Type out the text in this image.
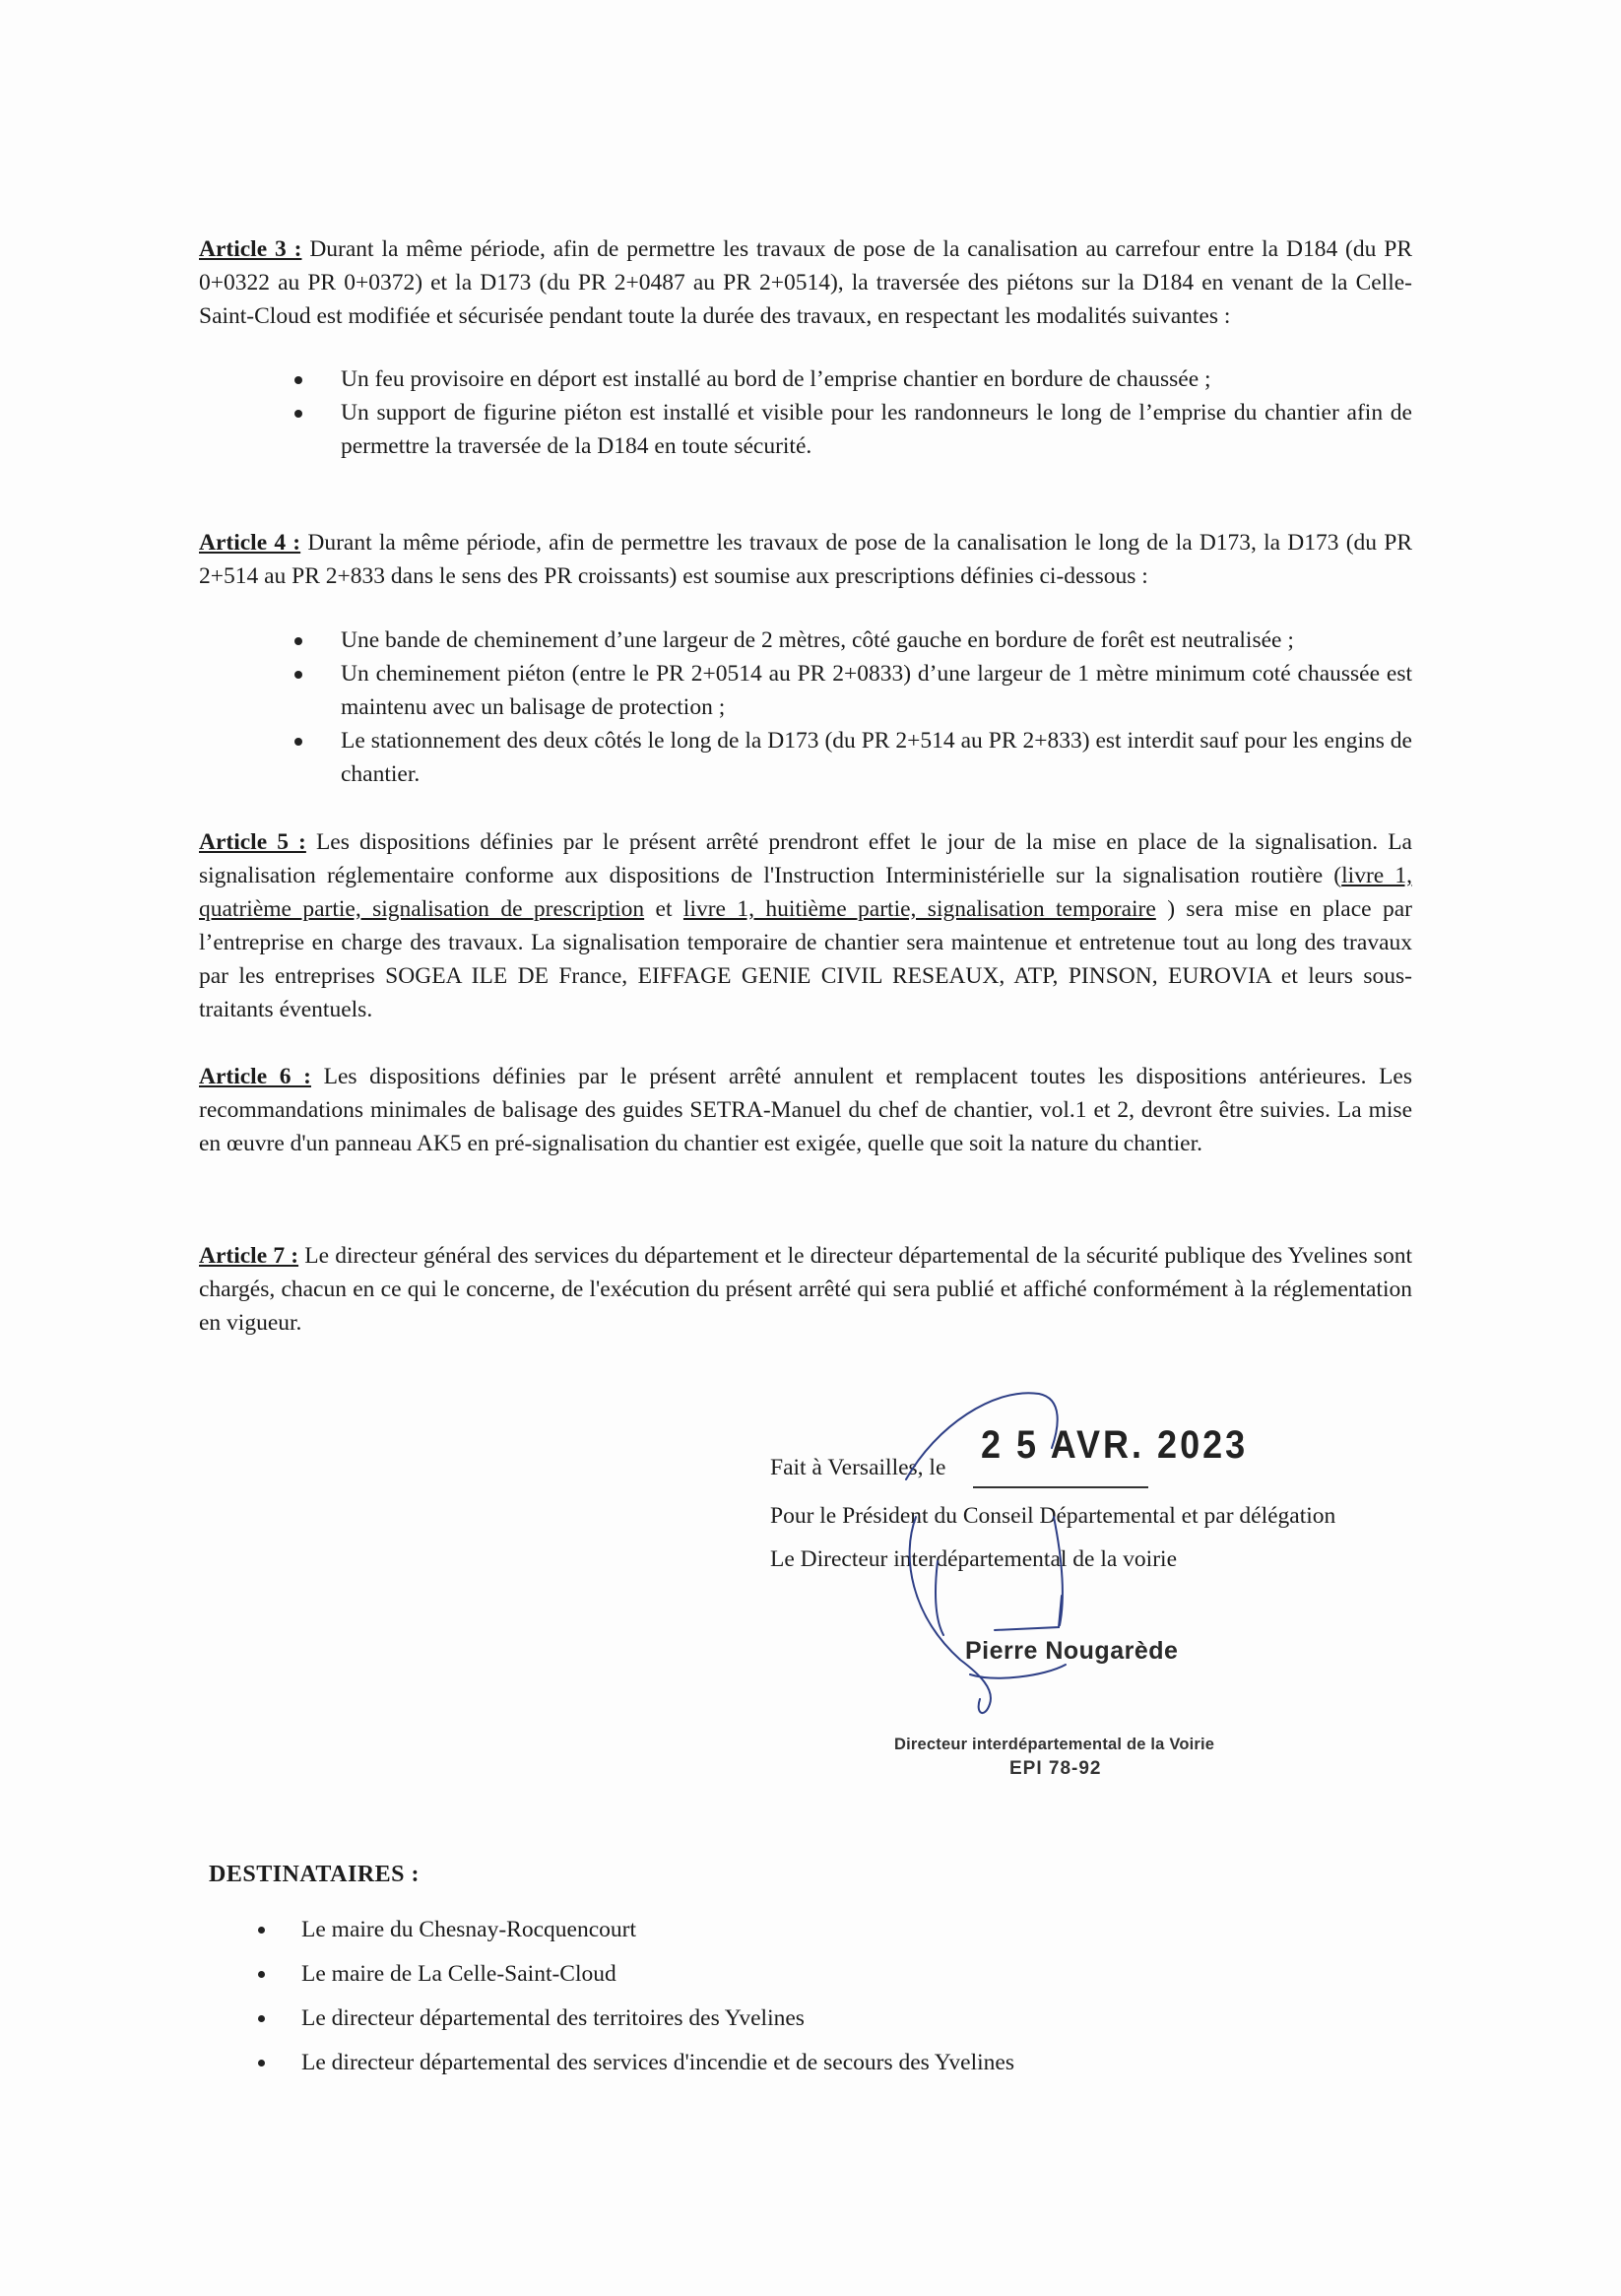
Article 3 : Durant la même période, afin de permettre les travaux de pose de la canalisation au carrefour entre la D184 (du PR 0+0322 au PR 0+0372) et la D173 (du PR 2+0487 au PR 2+0514), la traversée des piétons sur la D184 en venant de la Celle-Saint-Cloud est modifiée et sécurisée pendant toute la durée des travaux, en respectant les modalités suivantes :
Un feu provisoire en déport est installé au bord de l’emprise chantier en bordure de chaussée ;
Un support de figurine piéton est installé et visible pour les randonneurs le long de l’emprise du chantier afin de permettre la traversée de la D184 en toute sécurité.
Article 4 : Durant la même période, afin de permettre les travaux de pose de la canalisation le long de la D173, la D173 (du PR 2+514 au PR 2+833 dans le sens des PR croissants) est soumise aux prescriptions définies ci-dessous :
Une bande de cheminement d’une largeur de 2 mètres, côté gauche en bordure de forêt est neutralisée ;
Un cheminement piéton (entre le PR 2+0514 au PR 2+0833) d’une largeur de 1 mètre minimum coté chaussée est maintenu avec un balisage de protection ;
Le stationnement des deux côtés le long de la D173 (du PR 2+514 au PR 2+833) est interdit sauf pour les engins de chantier.
Article 5 : Les dispositions définies par le présent arrêté prendront effet le jour de la mise en place de la signalisation. La signalisation réglementaire conforme aux dispositions de l'Instruction Interministérielle sur la signalisation routière (livre 1, quatrième partie, signalisation de prescription et livre 1, huitième partie, signalisation temporaire ) sera mise en place par l’entreprise en charge des travaux. La signalisation temporaire de chantier sera maintenue et entretenue tout au long des travaux par les entreprises SOGEA ILE DE France, EIFFAGE GENIE CIVIL RESEAUX, ATP, PINSON, EUROVIA et leurs sous-traitants éventuels.
Article 6 : Les dispositions définies par le présent arrêté annulent et remplacent toutes les dispositions antérieures. Les recommandations minimales de balisage des guides SETRA-Manuel du chef de chantier, vol.1 et 2, devront être suivies. La mise en œuvre d'un panneau AK5 en pré-signalisation du chantier est exigée, quelle que soit la nature du chantier.
Article 7 : Le directeur général des services du département et le directeur départemental de la sécurité publique des Yvelines sont chargés, chacun en ce qui le concerne, de l'exécution du présent arrêté qui sera publié et affiché conformément à la réglementation en vigueur.
Fait à Versailles, le
2 5 AVR. 2023
Pour le Président du Conseil Départemental et par délégation
Le Directeur interdépartemental de la voirie
Pierre Nougarède
Directeur interdépartemental de la Voirie
EPI 78-92
DESTINATAIRES :
Le maire du Chesnay-Rocquencourt
Le maire de La Celle-Saint-Cloud
Le directeur départemental des territoires des Yvelines
Le directeur départemental des services d'incendie et de secours des Yvelines
